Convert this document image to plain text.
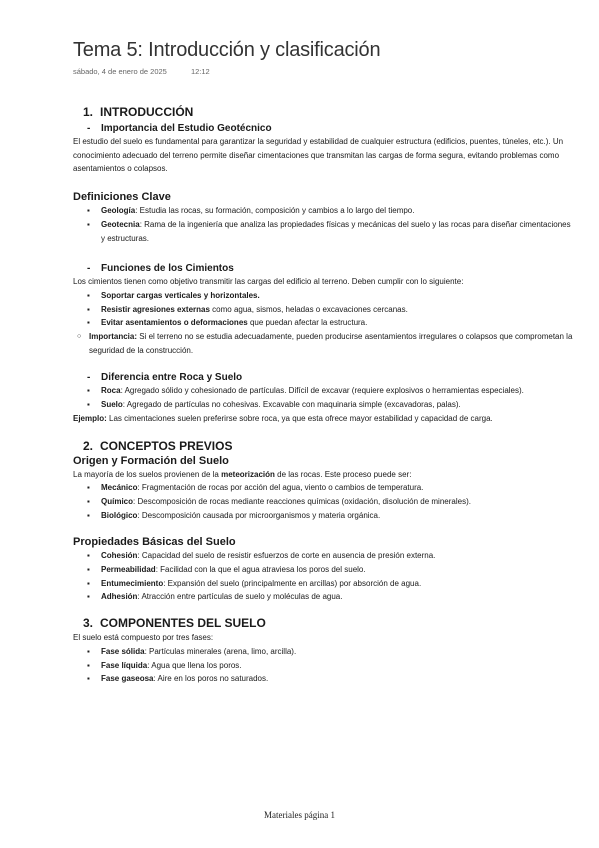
Tema 5: Introducción y clasificación
sábado, 4 de enero de 2025	12:12
1. INTRODUCCIÓN
- Importancia del Estudio Geotécnico

El estudio del suelo es fundamental para garantizar la seguridad y estabilidad de cualquier estructura (edificios, puentes, túneles, etc.). Un conocimiento adecuado del terreno permite diseñar cimentaciones que transmitan las cargas de forma segura, evitando problemas como asentamientos o colapsos.

Definiciones Clave
▪ Geología: Estudia las rocas, su formación, composición y cambios a lo largo del tiempo.
▪ Geotecnia: Rama de la ingeniería que analiza las propiedades físicas y mecánicas del suelo y las rocas para diseñar cimentaciones y estructuras.
- Funciones de los Cimientos

Los cimientos tienen como objetivo transmitir las cargas del edificio al terreno. Deben cumplir con lo siguiente:

▪ Soportar cargas verticales y horizontales.
▪ Resistir agresiones externas como agua, sismos, heladas o excavaciones cercanas.
▪ Evitar asentamientos o deformaciones que puedan afectar la estructura.

○ Importancia: Si el terreno no se estudia adecuadamente, pueden producirse asentamientos irregulares o colapsos que comprometan la seguridad de la construcción.

- Diferencia entre Roca y Suelo
▪ Roca: Agregado sólido y cohesionado de partículas. Difícil de excavar (requiere explosivos o herramientas especiales).
▪ Suelo: Agregado de partículas no cohesivas. Excavable con maquinaria simple (excavadoras, palas).

Ejemplo: Las cimentaciones suelen preferirse sobre roca, ya que esta ofrece mayor estabilidad y capacidad de carga.

2. CONCEPTOS PREVIOS
Origen y Formación del Suelo

La mayoría de los suelos provienen de la meteorización de las rocas. Este proceso puede ser:

▪ Mecánico: Fragmentación de rocas por acción del agua, viento o cambios de temperatura.
▪ Químico: Descomposición de rocas mediante reacciones químicas (oxidación, disolución de minerales).
▪ Biológico: Descomposición causada por microorganismos y materia orgánica.
Propiedades Básicas del Suelo
▪ Cohesión: Capacidad del suelo de resistir esfuerzos de corte en ausencia de presión externa.
▪ Permeabilidad: Facilidad con la que el agua atraviesa los poros del suelo.
▪ Entumecimiento: Expansión del suelo (principalmente en arcillas) por absorción de agua.
▪ Adhesión: Atracción entre partículas de suelo y moléculas de agua.
3. COMPONENTES DEL SUELO

El suelo está compuesto por tres fases:

▪ Fase sólida: Partículas minerales (arena, limo, arcilla).
▪ Fase líquida: Agua que llena los poros.
▪ Fase gaseosa: Aire en los poros no saturados.
Materiales página 1
